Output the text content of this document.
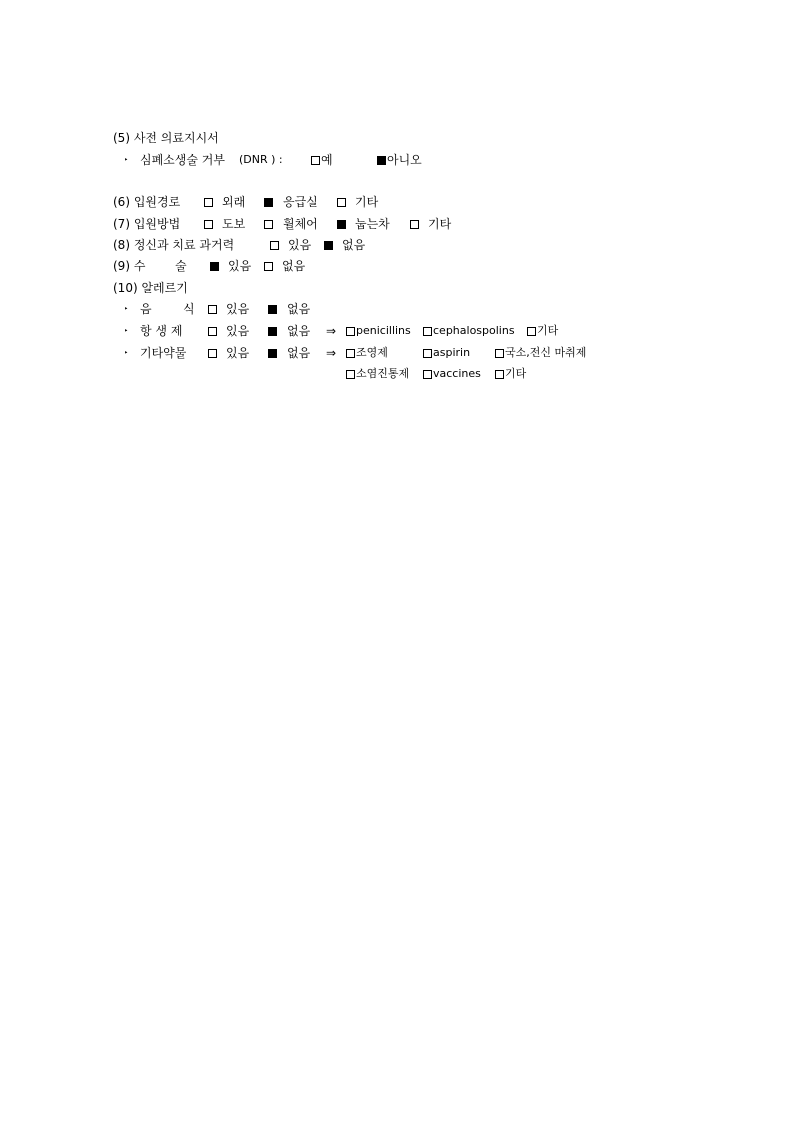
(5) 사전 의료지시서
‣ 심폐소생술 거부 (DNR ) :	예	아니오
(6) 입원경로	외래	응급실	기타
(7) 입원방법	도보	휠체어	눕는차	기타
(8) 정신과 치료 과거력	있음	없음
(9) 수 술	있음	없음
(10) 알레르기
‣ 음	식	있음	없음
‣ 항 생 제	있음	없음 ⇒ penicillins cephalospolins 기타
‣ 기타약물	있음	없음 ⇒ 조영제	aspirin	국소,전신 마취제
소염진통제 vaccines 기타
